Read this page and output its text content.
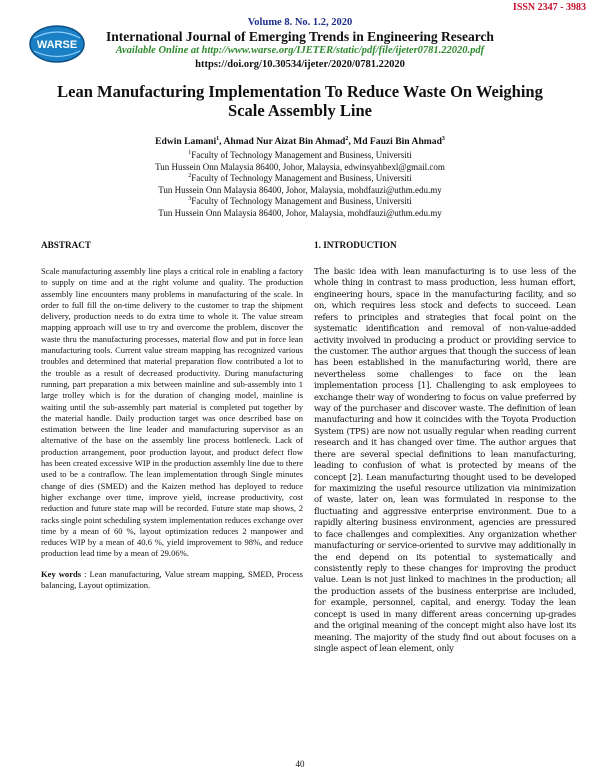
ISSN 2347 - 3983
Volume 8. No. 1.2, 2020
WARSE
International Journal of Emerging Trends in Engineering Research
Available Online at http://www.warse.org/IJETER/static/pdf/file/ijeter0781.22020.pdf
https://doi.org/10.30534/ijeter/2020/0781.22020
Lean Manufacturing Implementation To Reduce Waste On Weighing Scale Assembly Line
Edwin Lamani$^1$, Ahmad Nur Aizat Bin Ahmad$^2$, Md Fauzi Bin Ahmad$^3$
$^1$Faculty of Technology Management and Business, Universiti
Tun Hussein Onn Malaysia 86400, Johor, Malaysia, edwinsyahbexl@gmail.com
$^2$Faculty of Technology Management and Business, Universiti
Tun Hussein Onn Malaysia 86400, Johor, Malaysia, mohdfauzi@uthm.edu.my
$^3$Faculty of Technology Management and Business, Universiti
Tun Hussein Onn Malaysia 86400, Johor, Malaysia, mohdfauzi@uthm.edu.my
ABSTRACT

Scale manufacturing assembly line plays a critical role in enabling a factory to supply on time and at the right volume and quality. The production assembly line encounters many problems in manufacturing of the scale. In order to full fill the on-time delivery to the customer to trap the shipment delivery, production needs to do extra time to whole it. The value stream mapping approach will use to try and overcome the problem, discover the waste thru the manufacturing processes, material flow and put in force lean manufacturing tools. Current value stream mapping has recognized various troubles and determined that material preparation flow contributed a lot to the trouble as a result of decreased productivity. During manufacturing running, part preparation a mix between mainline and sub-assembly into 1 large trolley which is for the duration of changing model, mainline is waiting until the sub-assembly part material is completed put together by the material handle. Daily production target was once described base on estimation between the line leader and manufacturing supervisor as an alternative of the base on the assembly line process bottleneck. Lack of production arrangement, poor production layout, and product defect flow has been created excessive WIP in the production assembly line due to there used to be a contraflow. The lean implementation through Single minutes change of dies (SMED) and the Kaizen method has deployed to reduce higher exchange over time, improve yield, increase productivity, cost reduction and future state map will be recorded. Future state map shows, 2 racks single point scheduling system implementation reduces exchange over time by a mean of 60 %, layout optimization reduces 2 manpower and reduces WIP by a mean of 40.6 %, yield improvement to 98%, and reduce production lead time by a mean of 29.06%.

Key words : Lean manufacturing, Value stream mapping, SMED, Process balancing, Layout optimization.
1. INTRODUCTION

The basic idea with lean manufacturing is to use less of the whole thing in contrast to mass production, less human effort, engineering hours, space in the manufacturing facility, and so on, which requires less stock and defects to succeed. Lean refers to principles and strategies that focal point on the systematic identification and removal of non-value-added activity involved in producing a product or providing service to the customer. The author argues that though the success of lean has been established in the manufacturing world, there are nevertheless some challenges to face on the lean implementation process [1]. Challenging to ask employees to exchange their way of wondering to focus on value preferred by way of the purchaser and discover waste. The definition of lean manufacturing and how it coincides with the Toyota Production System (TPS) are now not usually regular when reading current research and it has changed over time. The author argues that there are several special definitions to lean manufacturing, leading to confusion of what is protected by means of the concept [2]. Lean manufacturing thought used to be developed for maximizing the useful resource utilization via minimization of waste, later on, lean was formulated in response to the fluctuating and aggressive enterprise environment. Due to a rapidly altering business environment, agencies are pressured to face challenges and complexities. Any organization whether manufacturing or service-oriented to survive may additionally in the end depend on its potential to systematically and consistently reply to these changes for improving the product value. Lean is not just linked to machines in the production; all the production assets of the business enterprise are included, for example, personnel, capital, and energy. Today the lean concept is used in many different areas concerning up-grades and the original meaning of the concept might also have lost its meaning. The majority of the study find out about focuses on a single aspect of lean element, only

40
